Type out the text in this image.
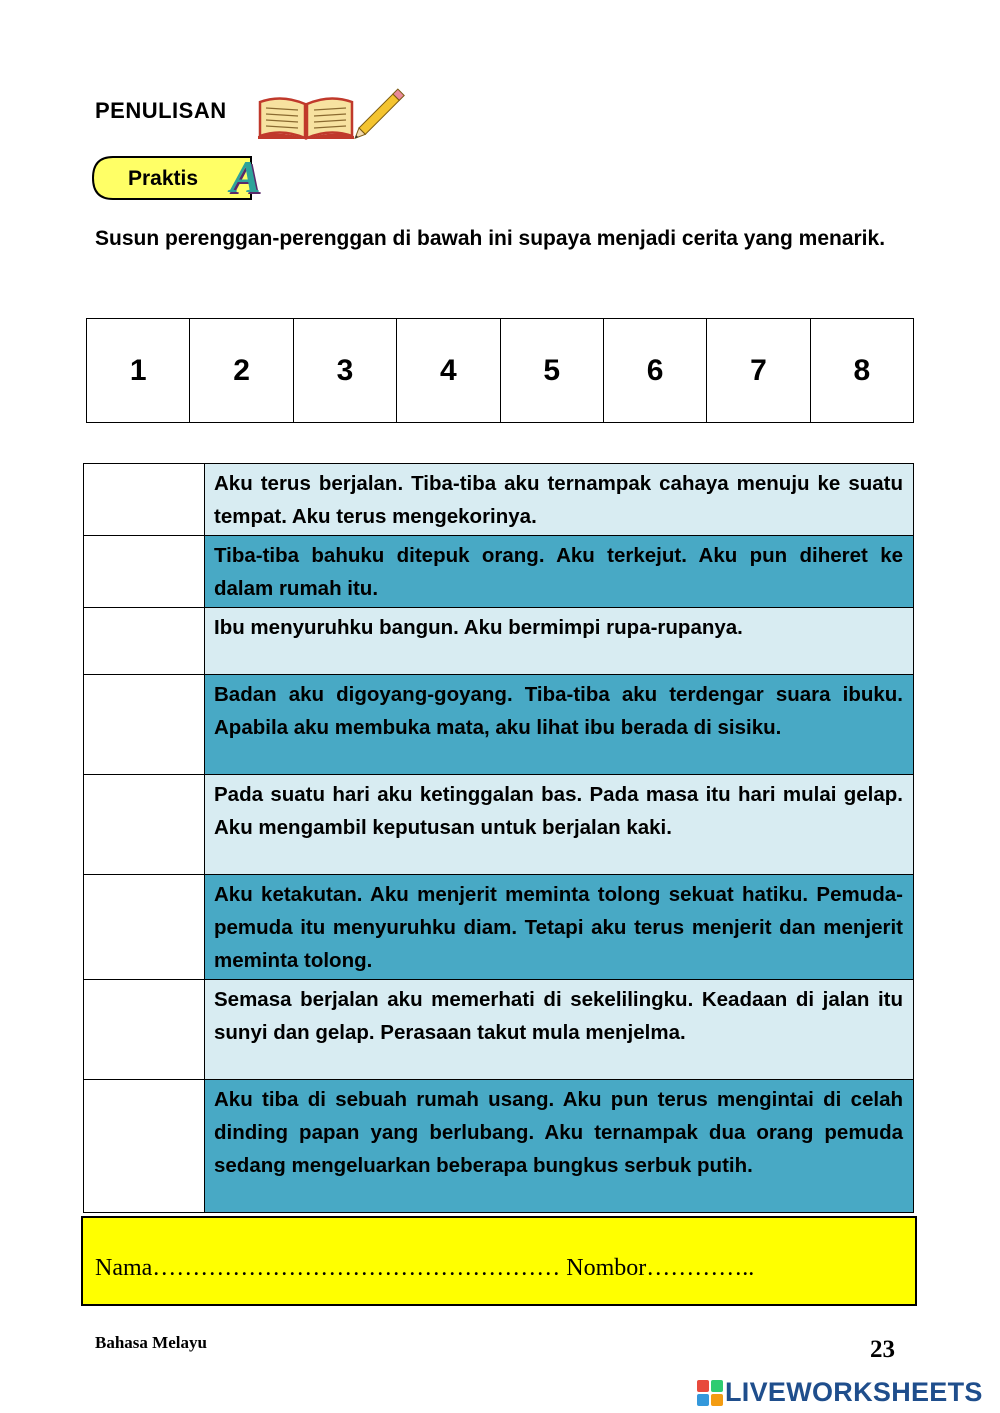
PENULISAN
Praktis A
Susun perenggan-perenggan di bawah ini supaya menjadi cerita yang menarik.
1	2	3	4	5	6	7	8
	Aku terus berjalan. Tiba-tiba aku ternampak cahaya menuju ke suatu tempat. Aku terus mengekorinya.
	Tiba-tiba bahuku ditepuk orang. Aku terkejut. Aku pun diheret ke dalam rumah itu.
	Ibu menyuruhku bangun. Aku bermimpi rupa-rupanya.
	Badan aku digoyang-goyang. Tiba-tiba aku terdengar suara ibuku. Apabila aku membuka mata, aku lihat ibu berada di sisiku.
	Pada suatu hari aku ketinggalan bas. Pada masa itu hari mulai gelap. Aku mengambil keputusan untuk berjalan kaki.
	Aku ketakutan. Aku menjerit meminta tolong sekuat hatiku. Pemuda-pemuda itu menyuruhku diam. Tetapi aku terus menjerit dan menjerit meminta tolong.
	Semasa berjalan aku memerhati di sekelilingku. Keadaan di jalan itu sunyi dan gelap. Perasaan takut mula menjelma.
	Aku tiba di sebuah rumah usang. Aku pun terus mengintai di celah dinding papan yang berlubang. Aku ternampak dua orang pemuda sedang mengeluarkan beberapa bungkus serbuk putih.
Nama…………………………………………… Nombor…………..
Bahasa Melayu	23
LIVEWORKSHEETS
